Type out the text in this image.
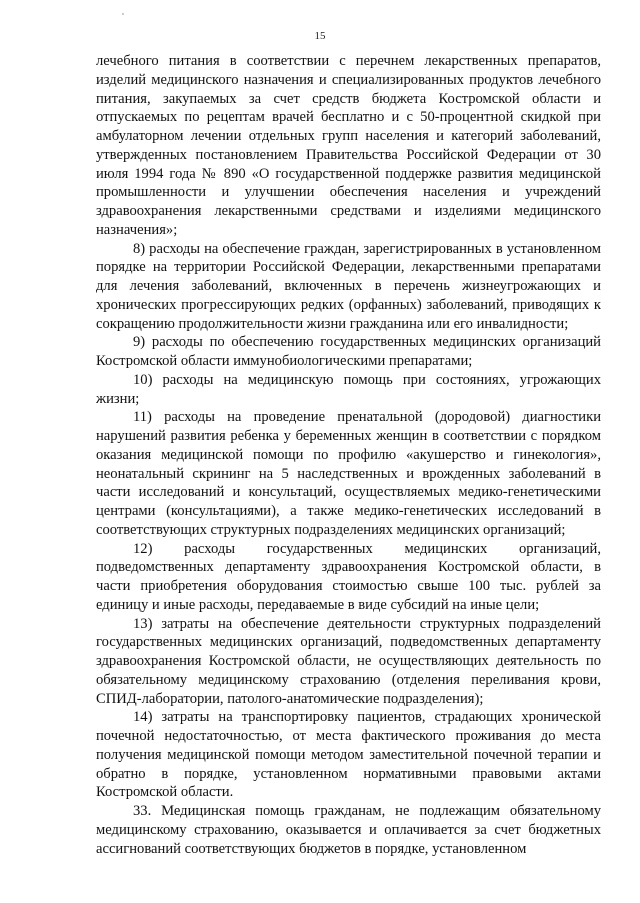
15

лечебного питания в соответствии с перечнем лекарственных препаратов, изделий медицинского назначения и специализированных продуктов лечебного питания, закупаемых за счет средств бюджета Костромской области и отпускаемых по рецептам врачей бесплатно и с 50-процентной скидкой при амбулаторном лечении отдельных групп населения и категорий заболеваний, утвержденных постановлением Правительства Российской Федерации от 30 июля 1994 года № 890 «О государственной поддержке развития медицинской промышленности и улучшении обеспечения населения и учреждений здравоохранения лекарственными средствами и изделиями медицинского назначения»;

8) расходы на обеспечение граждан, зарегистрированных в установленном порядке на территории Российской Федерации, лекарственными препаратами для лечения заболеваний, включенных в перечень жизнеугрожающих и хронических прогрессирующих редких (орфанных) заболеваний, приводящих к сокращению продолжительности жизни гражданина или его инвалидности;

9) расходы по обеспечению государственных медицинских организаций Костромской области иммунобиологическими препаратами;

10) расходы на медицинскую помощь при состояниях, угрожающих жизни;

11) расходы на проведение пренатальной (дородовой) диагностики нарушений развития ребенка у беременных женщин в соответствии с порядком оказания медицинской помощи по профилю «акушерство и гинекология», неонатальный скрининг на 5 наследственных и врожденных заболеваний в части исследований и консультаций, осуществляемых медико-генетическими центрами (консультациями), а также медико-генетических исследований в соответствующих структурных подразделениях медицинских организаций;

12) расходы государственных медицинских организаций, подведомственных департаменту здравоохранения Костромской области, в части приобретения оборудования стоимостью свыше 100 тыс. рублей за единицу и иные расходы, передаваемые в виде субсидий на иные цели;

13) затраты на обеспечение деятельности структурных подразделений государственных медицинских организаций, подведомственных департаменту здравоохранения Костромской области, не осуществляющих деятельность по обязательному медицинскому страхованию (отделения переливания крови, СПИД-лаборатории, патолого-анатомические подразделения);

14) затраты на транспортировку пациентов, страдающих хронической почечной недостаточностью, от места фактического проживания до места получения медицинской помощи методом заместительной почечной терапии и обратно в порядке, установленном нормативными правовыми актами Костромской области.

33. Медицинская помощь гражданам, не подлежащим обязательному медицинскому страхованию, оказывается и оплачивается за счет бюджетных ассигнований соответствующих бюджетов в порядке, установленном
